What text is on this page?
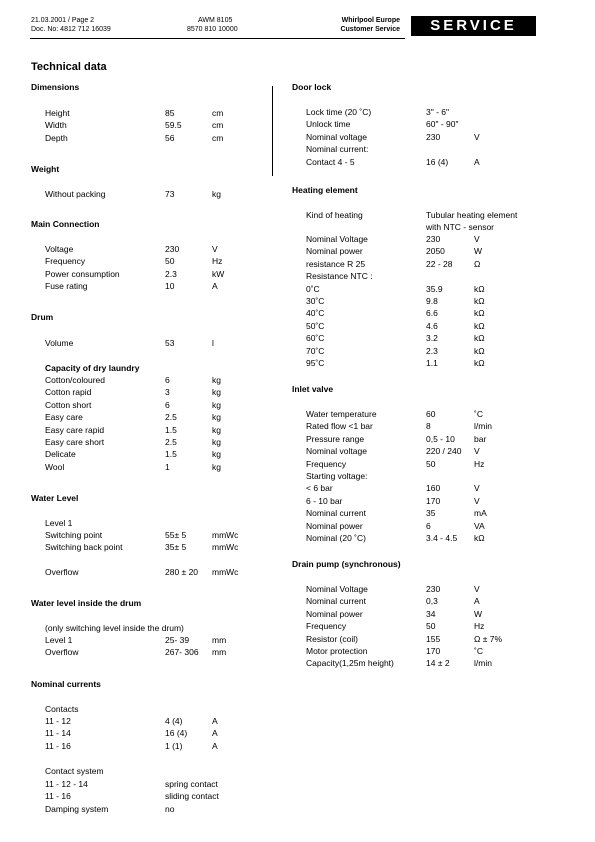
21.03.2001 / Page 2
Doc. No: 4812 712 16039
AWM 8105
8570 810 10000
Whirlpool Europe
Customer Service	SERVICE
Technical data
Dimensions
Height	85	cm
Width	59.5	cm
Depth	56	cm
Weight
Without packing	73	kg
Main Connection
Voltage	230	V
Frequency	50	Hz
Power consumption	2.3	kW
Fuse rating	10	A
Drum
Volume	53	l
Capacity of dry laundry
Cotton/coloured	6	kg
Cotton rapid	3	kg
Cotton short	6	kg
Easy care	2.5	kg
Easy care rapid	1.5	kg
Easy care short	2.5	kg
Delicate	1.5	kg
Wool	1	kg
Water Level
Level 1
Switching point	55± 5	mmWc
Switching back point	35± 5	mmWc
Overflow	280 ± 20 mmWc
Water level inside the drum
(only switching level inside the drum)
Level 1	25- 39	mm
Overflow	267- 306 mm
Nominal currents
Contacts
11 - 12	4 (4)	A
11 - 14	16 (4)	A
11 - 16	1 (1)	A
Contact system
11 - 12 - 14	spring contact
11 - 16	sliding contact
Damping system	no
Door lock
Lock time (20 ˚C)	3" - 6"
Unlock time	60" - 90"
Nominal voltage	230	V
Nominal current:
Contact 4 - 5	16 (4)	A
Heating element
Kind of heating	Tubular heating element
with NTC - sensor
Nominal Voltage	230	V
Nominal power	2050	W
resistance R 25	22 - 28	Ω
Resistance NTC :
0˚C	35.9	kΩ
30˚C	9.8	kΩ
40˚C	6.6	kΩ
50˚C	4.6	kΩ
60˚C	3.2	kΩ
70˚C	2.3	kΩ
95˚C	1.1	kΩ
Inlet valve
Water temperature	60	˚C
Rated flow <1 bar	8	l/min
Pressure range	0,5 - 10 bar
Nominal voltage	220 / 240 V
Frequency	50	Hz
Starting voltage:
< 6 bar	160	V
6 - 10 bar	170	V
Nominal current	35	mA
Nominal power	6	VA
Nominal (20 ˚C)	3.4 - 4.5 kΩ
Drain pump (synchronous)
Nominal Voltage	230	V
Nominal current	0,3	A
Nominal power	34	W
Frequency	50	Hz
Resistor (coil)	155	Ω ± 7%
Motor protection	170	˚C
Capacity(1,25m height)	14 ± 2	l/min
